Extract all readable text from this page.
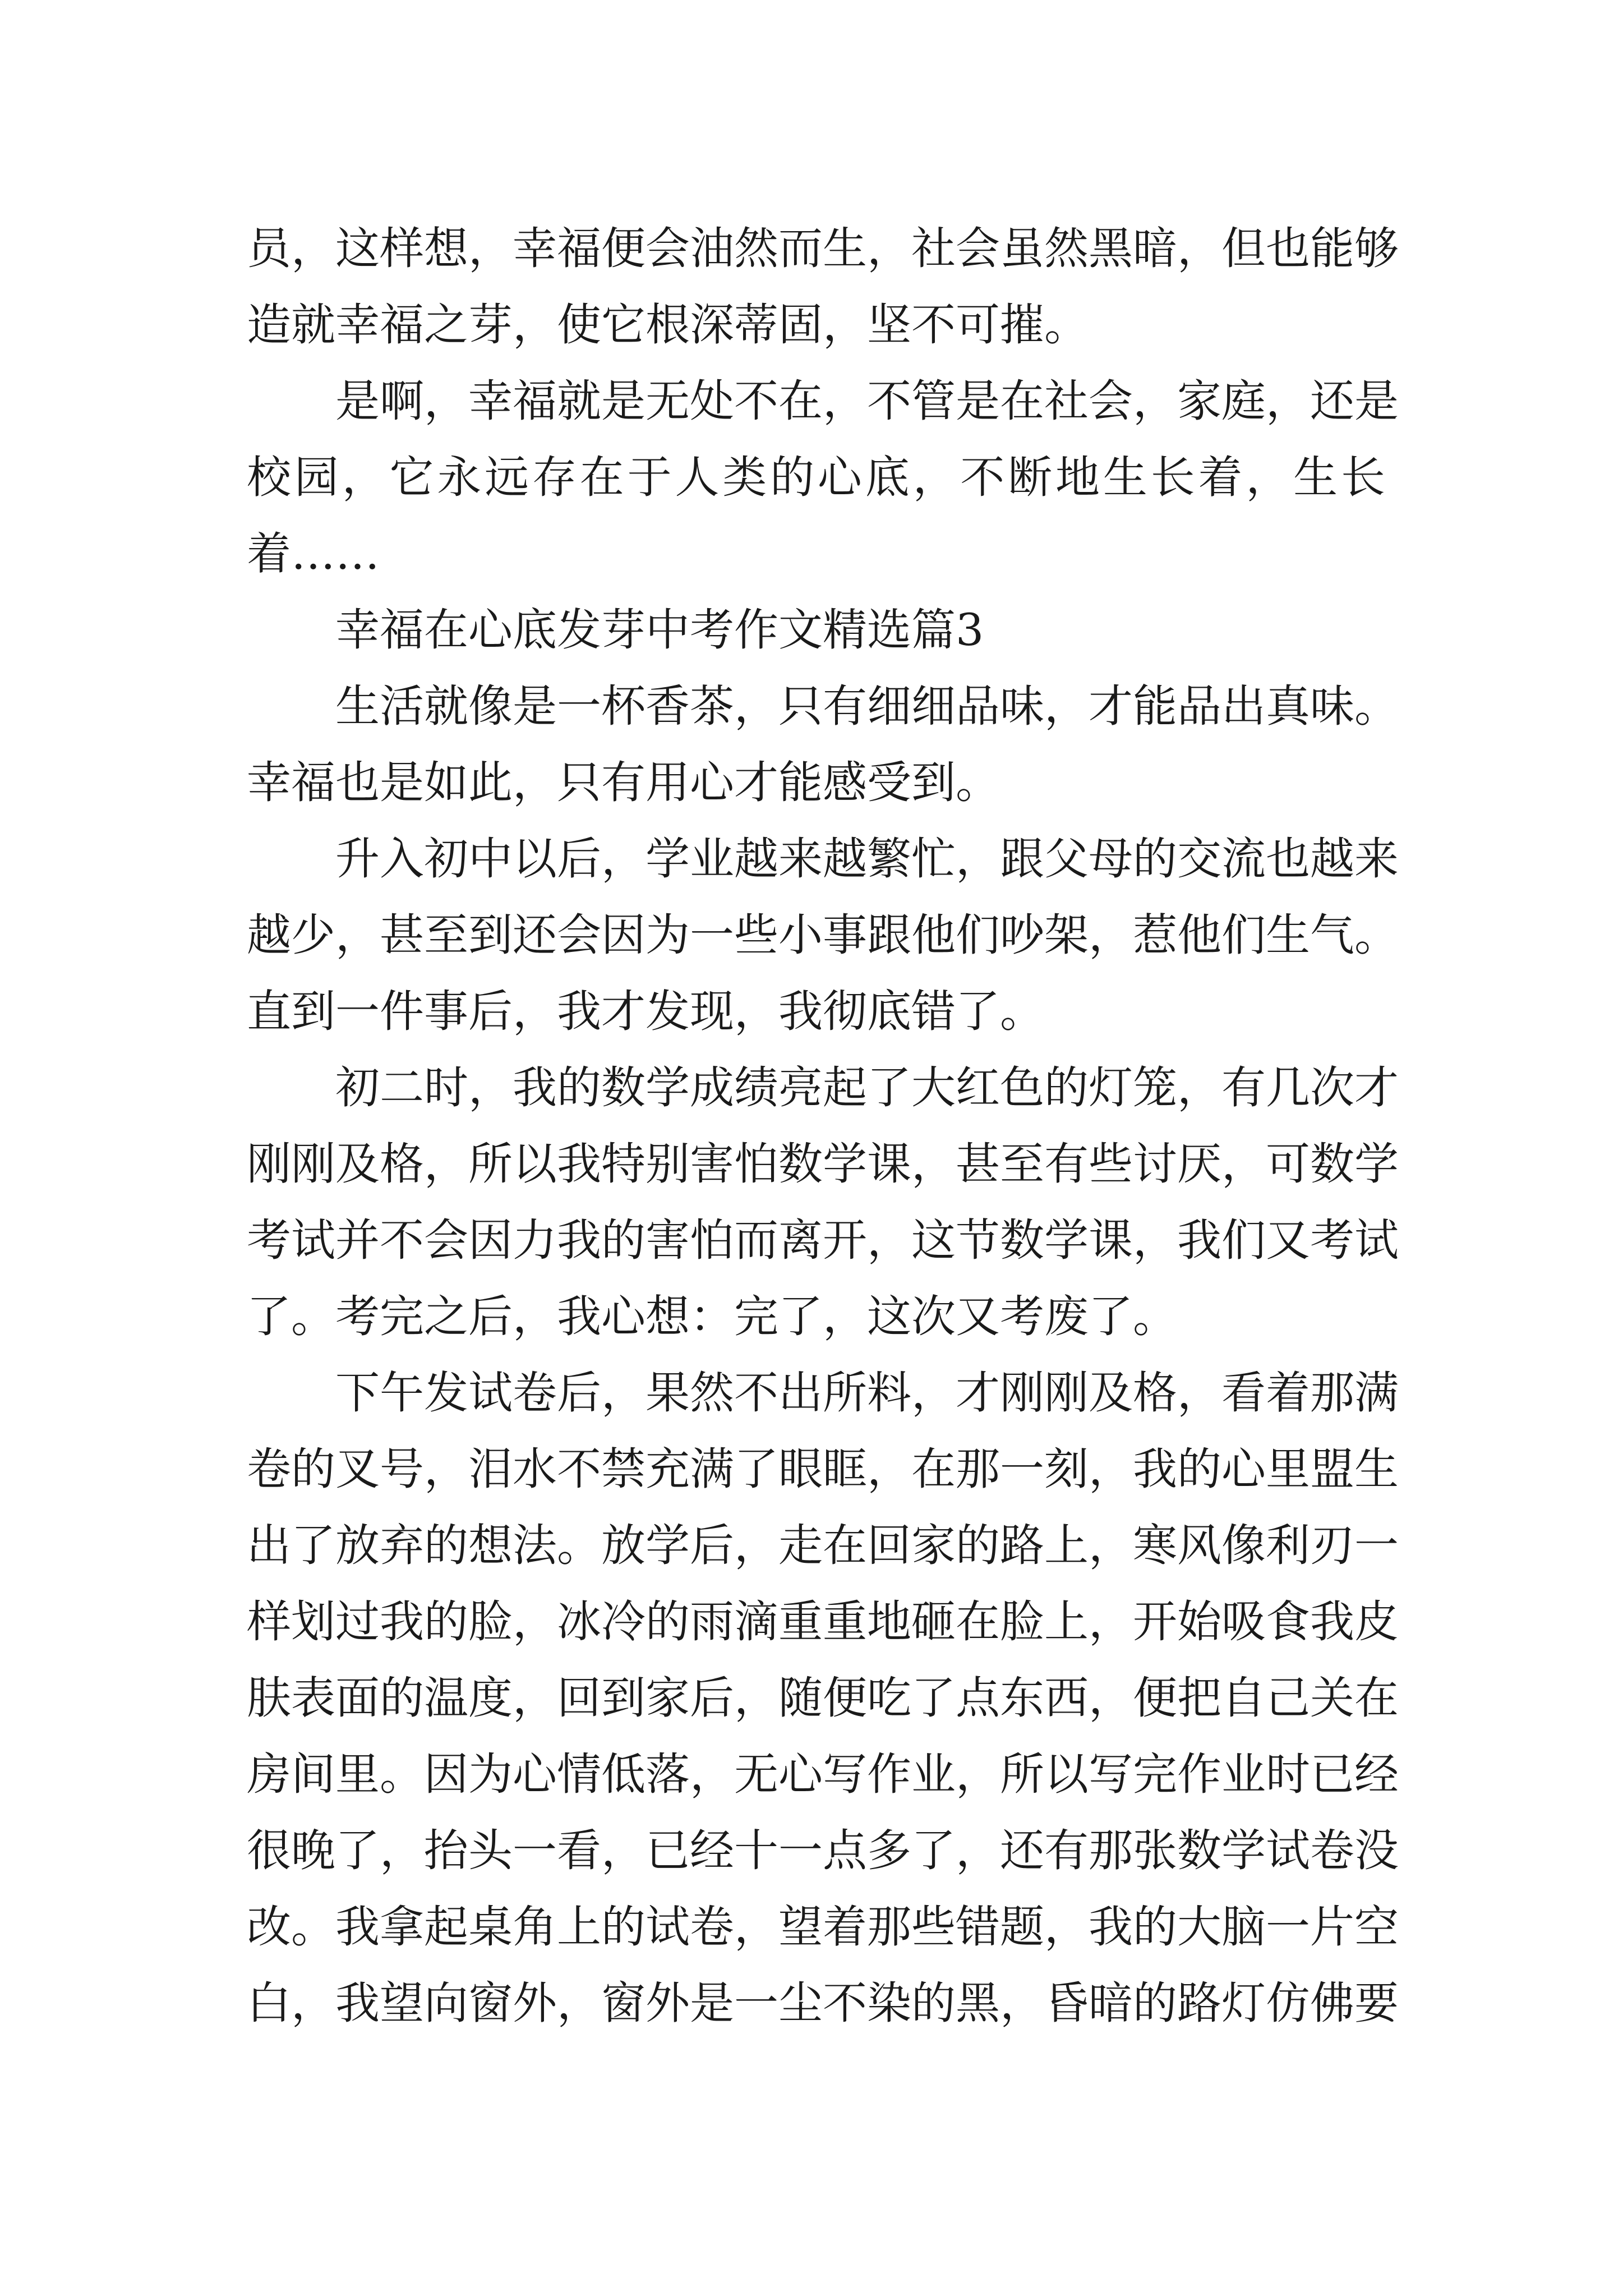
员，这样想，幸福便会油然而生，社会虽然黑暗，但也能够
造就幸福之芽，使它根深蒂固，坚不可摧。
是啊，幸福就是无处不在，不管是在社会，家庭，还是
校园，它永远存在于人类的心底，不断地生长着，生长
着……
幸福在心底发芽中考作文精选篇3
生活就像是一杯香茶，只有细细品味，才能品出真味。
幸福也是如此，只有用心才能感受到。
升入初中以后，学业越来越繁忙，跟父母的交流也越来
越少，甚至到还会因为一些小事跟他们吵架，惹他们生气。
直到一件事后，我才发现，我彻底错了。
初二时，我的数学成绩亮起了大红色的灯笼，有几次才
刚刚及格，所以我特别害怕数学课，甚至有些讨厌，可数学
考试并不会因力我的害怕而离开，这节数学课，我们又考试
了。考完之后，我心想：完了，这次又考废了。
下午发试卷后，果然不出所料，才刚刚及格，看着那满
卷的叉号，泪水不禁充满了眼眶，在那一刻，我的心里盟生
出了放弃的想法。放学后，走在回家的路上，寒风像利刃一
样划过我的脸，冰冷的雨滴重重地砸在脸上，开始吸食我皮
肤表面的温度，回到家后，随便吃了点东西，便把自己关在
房间里。因为心情低落，无心写作业，所以写完作业时已经
很晚了，抬头一看，已经十一点多了，还有那张数学试卷没
改。我拿起桌角上的试卷，望着那些错题，我的大脑一片空
白，我望向窗外，窗外是一尘不染的黑，昏暗的路灯仿佛要
